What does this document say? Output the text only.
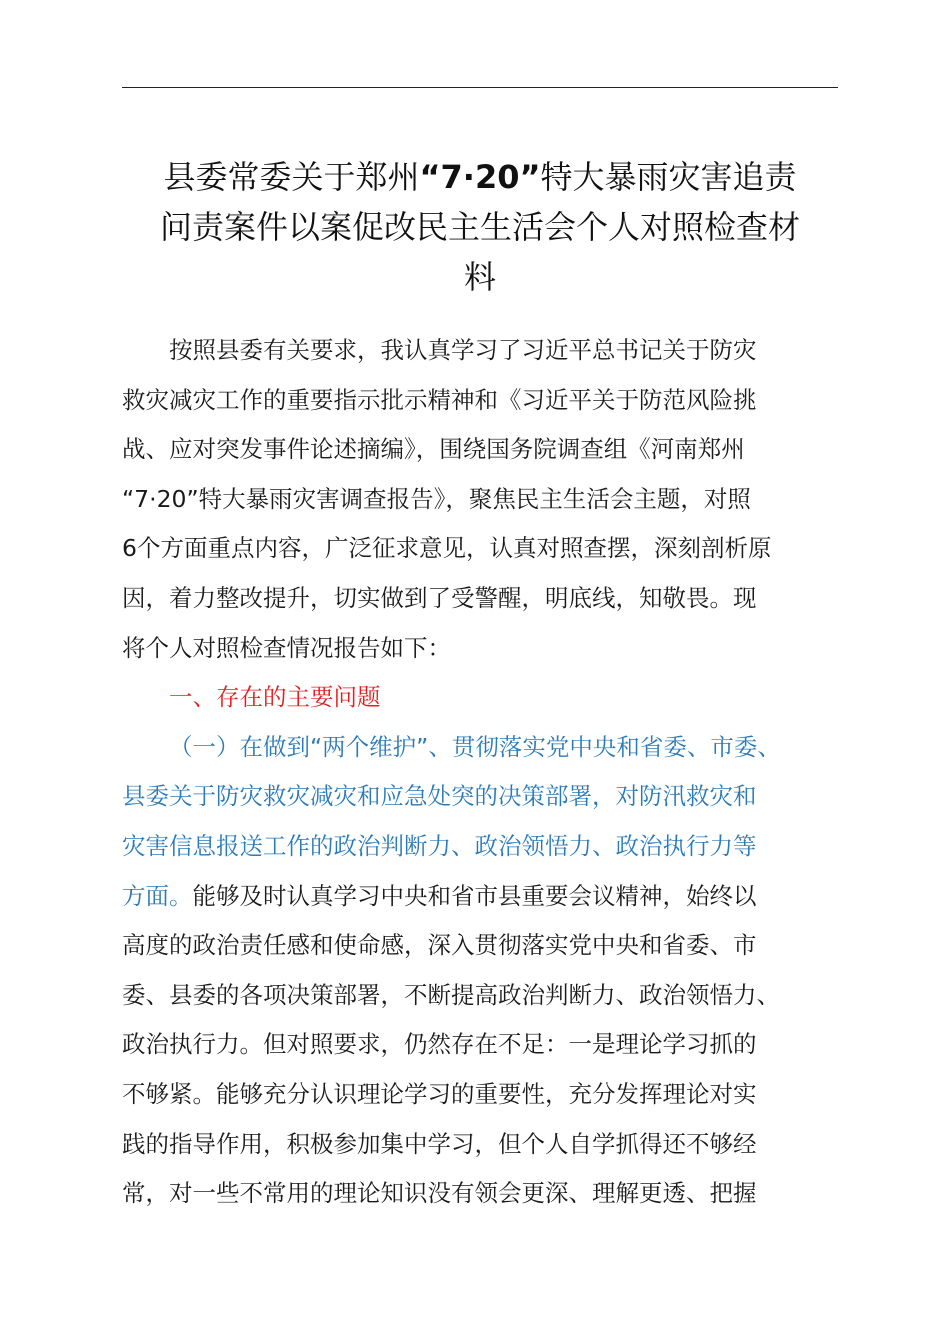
县委常委关于郑州“7·20”特大暴雨灾害追责
问责案件以案促改民主生活会个人对照检查材
料
按照县委有关要求，我认真学习了习近平总书记关于防灾
救灾减灾工作的重要指示批示精神和《习近平关于防范风险挑
战、应对突发事件论述摘编》，围绕国务院调查组《河南郑州
“7·20”特大暴雨灾害调查报告》，聚焦民主生活会主题，对照
6个方面重点内容，广泛征求意见，认真对照查摆，深刻剖析原
因，着力整改提升，切实做到了受警醒，明底线，知敬畏。现
将个人对照检查情况报告如下：
一、存在的主要问题
（一）在做到“两个维护”、贯彻落实党中央和省委、市委、
县委关于防灾救灾减灾和应急处突的决策部署，对防汛救灾和
灾害信息报送工作的政治判断力、政治领悟力、政治执行力等
方面。能够及时认真学习中央和省市县重要会议精神，始终以
高度的政治责任感和使命感，深入贯彻落实党中央和省委、市
委、县委的各项决策部署，不断提高政治判断力、政治领悟力、
政治执行力。但对照要求，仍然存在不足：一是理论学习抓的
不够紧。能够充分认识理论学习的重要性，充分发挥理论对实
践的指导作用，积极参加集中学习，但个人自学抓得还不够经
常，对一些不常用的理论知识没有领会更深、理解更透、把握
